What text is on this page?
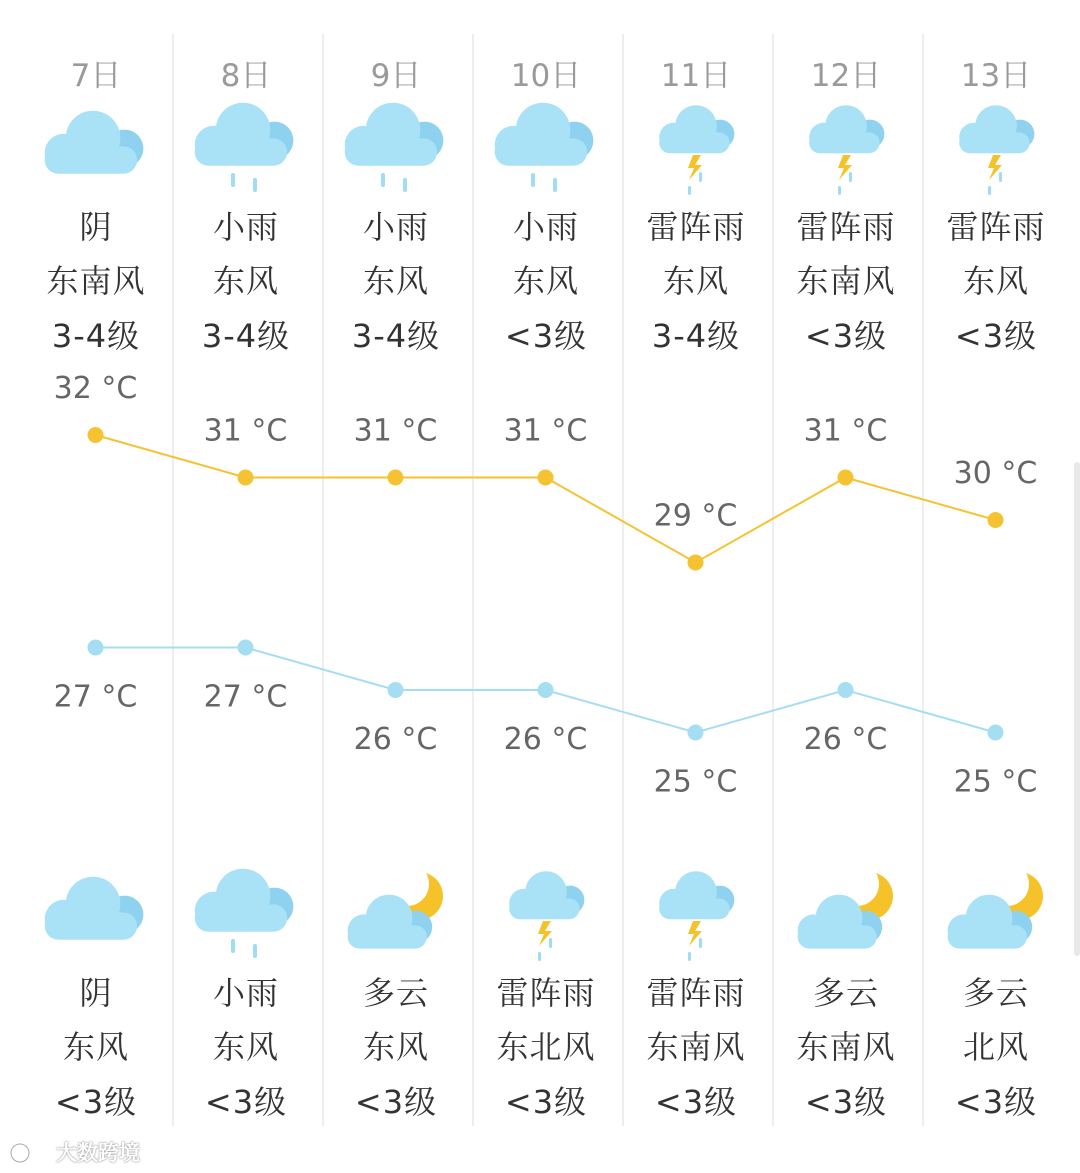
7日
阴
东南风
3-4级
阴
东风
<3级
8日
小雨
东风
3-4级
小雨
东风
<3级
9日
小雨
东风
3-4级
多云
东风
<3级
10日
小雨
东风
<3级
雷阵雨
东北风
<3级
11日
雷阵雨
东风
3-4级
雷阵雨
东南风
<3级
12日
雷阵雨
东南风
<3级
多云
东南风
<3级
13日
雷阵雨
东风
<3级
多云
北风
<3级
32 °C
31 °C 31 °C 31 °C
29 °C
31 °C
30 °C
27 °C 27 °C
26 °C 26 °C
25 °C
26 °C
25 °C
大数跨境
